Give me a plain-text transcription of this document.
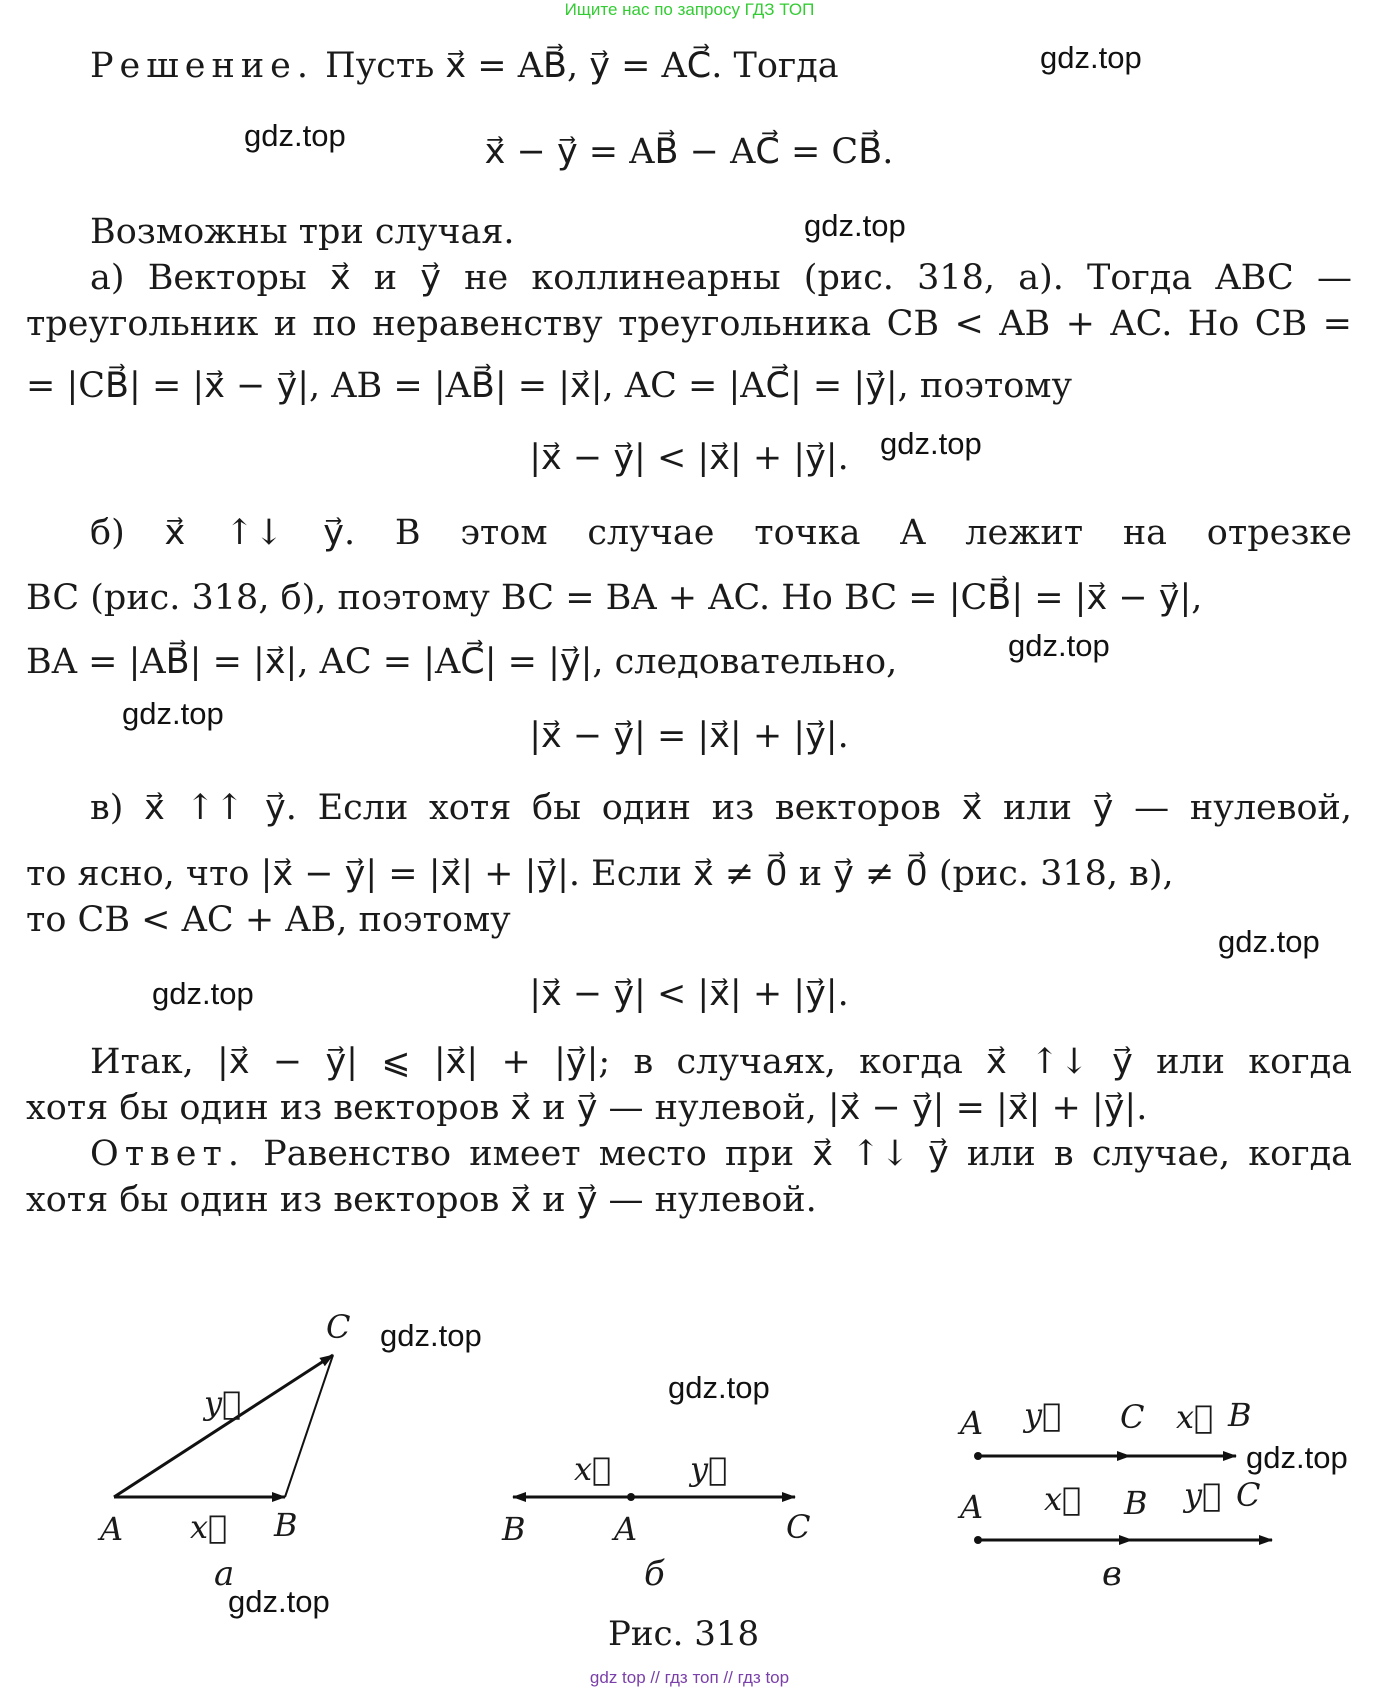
Ищите нас по запросу ГДЗ ТОП
Решение. Пусть x⃗ = AB⃗, y⃗ = AC⃗. Тогда
x⃗ − y⃗ = AB⃗ − AC⃗ = CB⃗.
Возможны три случая.
а) Векторы x⃗ и y⃗ не коллинеарны (рис. 318, а). Тогда ABC —
треугольник и по неравенству треугольника CB < AB + AC. Но CB =
= |CB⃗| = |x⃗ − y⃗|, AB = |AB⃗| = |x⃗|, AC = |AC⃗| = |y⃗|, поэтому
|x⃗ − y⃗| < |x⃗| + |y⃗|.
б) x⃗ ↑↓ y⃗. В этом случае точка A лежит на отрезке
BC (рис. 318, б), поэтому BC = BA + AC. Но BC = |CB⃗| = |x⃗ − y⃗|,
BA = |AB⃗| = |x⃗|, AC = |AC⃗| = |y⃗|, следовательно,
|x⃗ − y⃗| = |x⃗| + |y⃗|.
в) x⃗ ↑↑ y⃗. Если хотя бы один из векторов x⃗ или y⃗ — нулевой,
то ясно, что |x⃗ − y⃗| = |x⃗| + |y⃗|. Если x⃗ ≠ 0⃗ и y⃗ ≠ 0⃗ (рис. 318, в),
то CB < AC + AB, поэтому
|x⃗ − y⃗| < |x⃗| + |y⃗|.
Итак, |x⃗ − y⃗| ⩽ |x⃗| + |y⃗|; в случаях, когда x⃗ ↑↓ y⃗ или когда
хотя бы один из векторов x⃗ и y⃗ — нулевой, |x⃗ − y⃗| = |x⃗| + |y⃗|.
Ответ. Равенство имеет место при x⃗ ↑↓ y⃗ или в случае, когда
хотя бы один из векторов x⃗ и y⃗ — нулевой.
A	B
C
x⃗
y⃗
а
B	A	C
x⃗ y⃗
б
A y⃗ C x⃗ B
A x⃗ B y⃗ C
в
Рис. 318
gdz.top
gdz.top
gdz.top
gdz.top
gdz.top
gdz.top
gdz.top
gdz.top
gdz.top
gdz.top
gdz.top
gdz.top
gdz top // гдз топ // гдз top
